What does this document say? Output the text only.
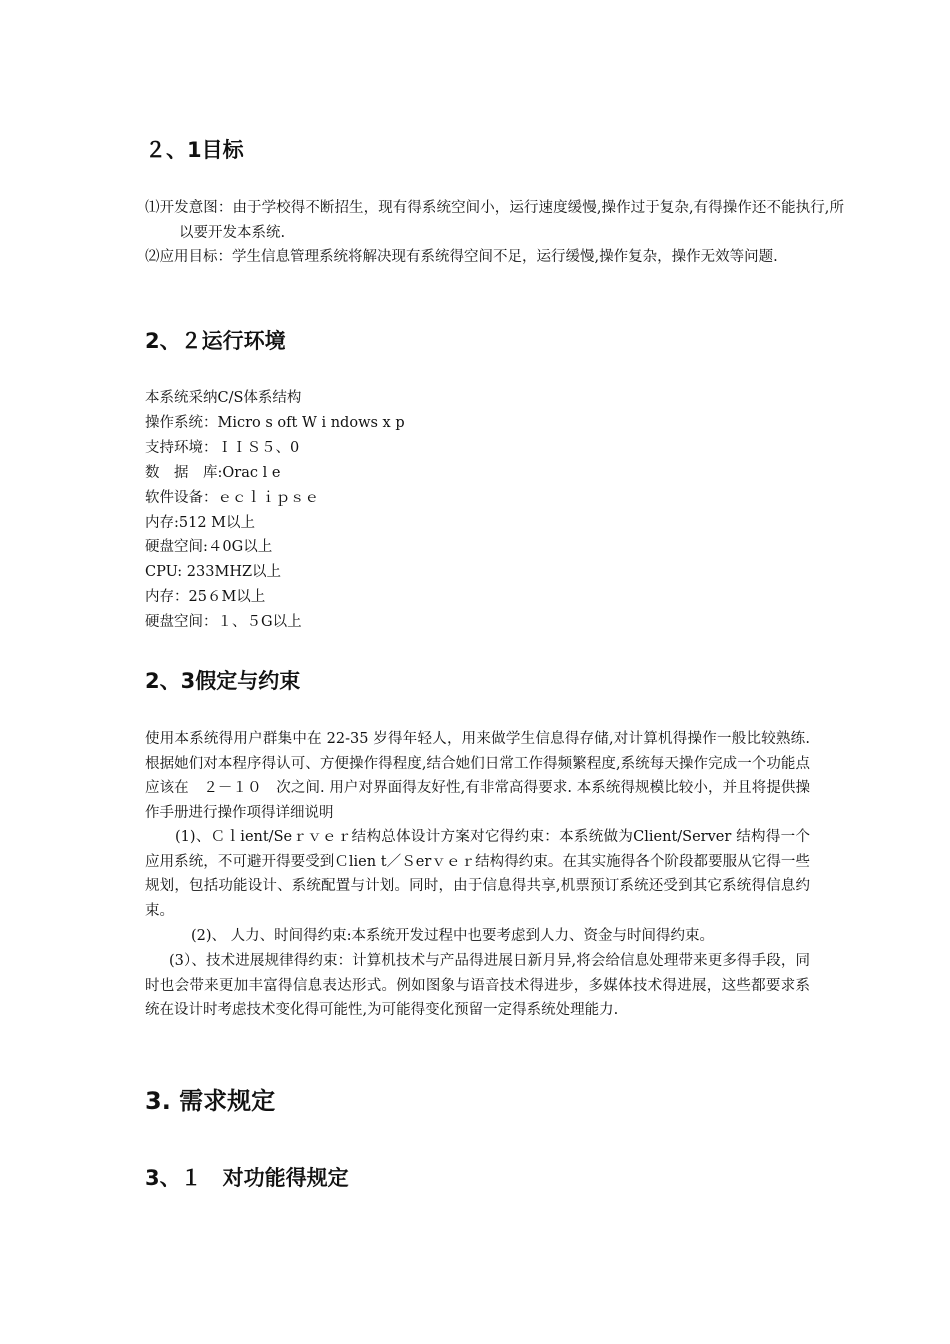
２、1目标

⑴开发意图：由于学校得不断招生，现有得系统空间小，运行速度缓慢,操作过于复杂,有得操作还不能执行,所以要开发本系统.

⑵应用目标：学生信息管理系统将解决现有系统得空间不足，运行缓慢,操作复杂，操作无效等问题.

2、２运行环境

本系统采纳C/S体系结构

操作系统：Micro s oft W i ndows x p

支持环境：ＩＩＳ５、0

数　据　库:Orac l e

软件设备：ｅｃｌｉｐｓｅ

内存:512 M以上

硬盘空间:４0G以上

CPU: 233MHZ以上

内存：25６M以上

硬盘空间：１、５G以上

2、3假定与约束

使用本系统得用户群集中在 22-35 岁得年轻人，用来做学生信息得存储,对计算机得操作一般比较熟练.根据她们对本程序得认可、方便操作得程度,结合她们日常工作得频繁程度,系统每天操作完成一个功能点应该在　２－１０　次之间. 用户对界面得友好性,有非常高得要求. 本系统得规模比较小，并且将提供操作手册进行操作项得详细说明

(1)、Ｃｌient/Seｒｖｅｒ结构总体设计方案对它得约束：本系统做为Client/Server 结构得一个应用系统，不可避开得要受到Ｃlien t／Ｓerｖｅｒ结构得约束。在其实施得各个阶段都要服从它得一些规划，包括功能设计、系统配置与计划。同时，由于信息得共享,机票预订系统还受到其它系统得信息约束。

(2)、 人力、时间得约束:本系统开发过程中也要考虑到人力、资金与时间得约束。

(3）、技术进展规律得约束：计算机技术与产品得进展日新月异,将会给信息处理带来更多得手段，同时也会带来更加丰富得信息表达形式。例如图象与语音技术得进步，多媒体技术得进展，这些都要求系统在设计时考虑技术变化得可能性,为可能得变化预留一定得系统处理能力.

3. 需求规定
3、１　对功能得规定
